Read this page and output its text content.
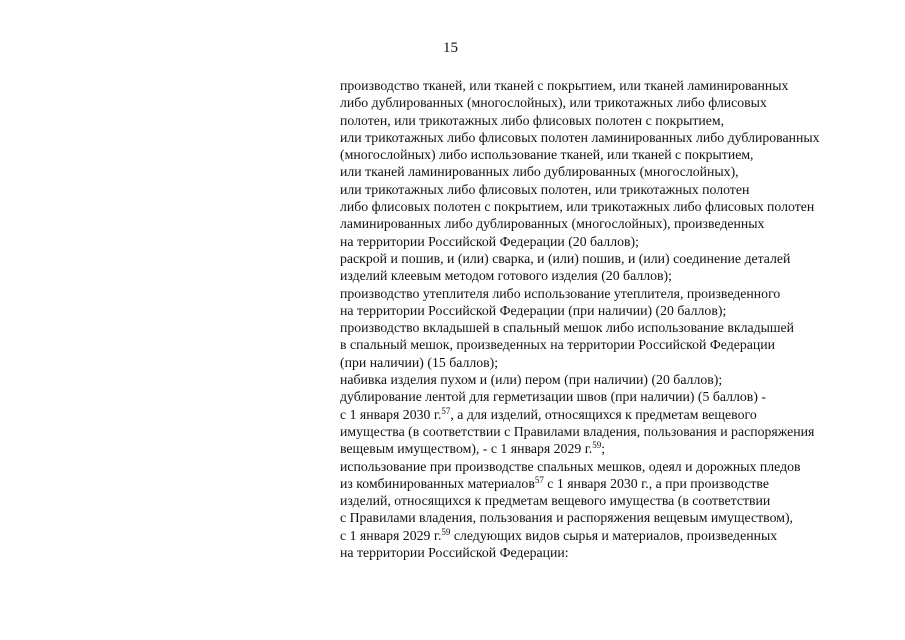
15
производство тканей, или тканей с покрытием, или тканей ламинированных
либо дублированных (многослойных), или трикотажных либо флисовых
полотен, или трикотажных либо флисовых полотен с покрытием,
или трикотажных либо флисовых полотен ламинированных либо дублированных
(многослойных) либо использование тканей, или тканей с покрытием,
или тканей ламинированных либо дублированных (многослойных),
или трикотажных либо флисовых полотен, или трикотажных полотен
либо флисовых полотен с покрытием, или трикотажных либо флисовых полотен
ламинированных либо дублированных (многослойных), произведенных
на территории Российской Федерации (20 баллов);
раскрой и пошив, и (или) сварка, и (или) пошив, и (или) соединение деталей
изделий клеевым методом готового изделия (20 баллов);
производство утеплителя либо использование утеплителя, произведенного
на территории Российской Федерации (при наличии) (20 баллов);
производство вкладышей в спальный мешок либо использование вкладышей
в спальный мешок, произведенных на территории Российской Федерации
(при наличии) (15 баллов);
набивка изделия пухом и (или) пером (при наличии) (20 баллов);
дублирование лентой для герметизации швов (при наличии) (5 баллов) -
с 1 января 2030 г.$^{57}$, а для изделий, относящихся к предметам вещевого
имущества (в соответствии с Правилами владения, пользования и распоряжения
вещевым имуществом), - с 1 января 2029 г.$^{59}$;
использование при производстве спальных мешков, одеял и дорожных пледов
из комбинированных материалов$^{57}$ с 1 января 2030 г., а при производстве
изделий, относящихся к предметам вещевого имущества (в соответствии
с Правилами владения, пользования и распоряжения вещевым имуществом),
с 1 января 2029 г.$^{59}$ следующих видов сырья и материалов, произведенных
на территории Российской Федерации:
